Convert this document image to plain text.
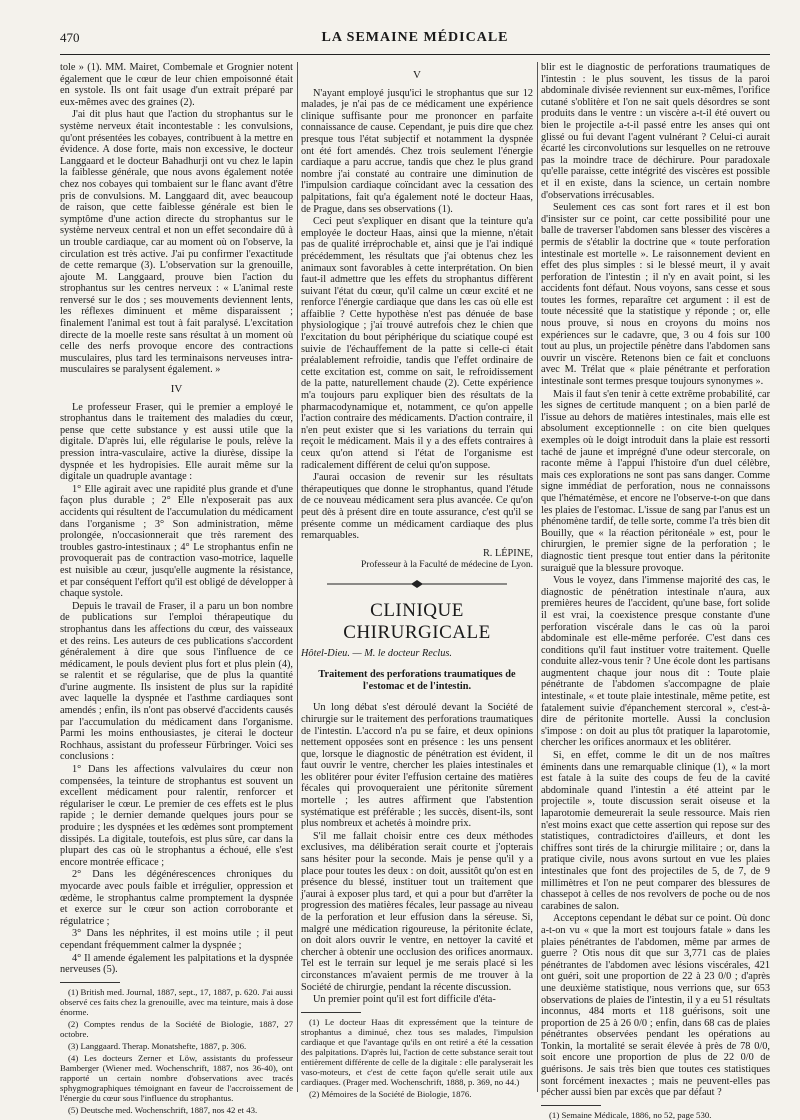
470	LA SEMAINE MÉDICALE

tole » (1). MM. Mairet, Combemale et Grognier notent également que le cœur de leur chien empoisonné était en systole. Ils ont fait usage d'un extrait préparé par eux-mêmes avec des graines (2).

J'ai dit plus haut que l'action du strophantus sur le système nerveux était incontestable : les convulsions, qu'ont présentées les cobayes, contribuent à la mettre en évidence. A dose forte, mais non excessive, le docteur Langgaard et le docteur Bahadhurji ont vu chez le lapin la faiblesse générale, que nous avons également notée chez nos cobayes qui tombaient sur le flanc avant d'être pris de convulsions. M. Langgaard dit, avec beaucoup de raison, que cette faiblesse générale est bien le symptôme d'une action directe du strophantus sur le système nerveux central et non un effet secondaire dû à un trouble cardiaque, car au moment où on l'observe, la circulation est très active. J'ai pu confirmer l'exactitude de cette remarque (3). L'observation sur la grenouille, ajoute M. Langgaard, prouve bien l'action du strophantus sur les centres nerveux : « L'animal reste renversé sur le dos ; ses mouvements deviennent lents, les réflexes diminuent et même disparaissent ; finalement l'animal est tout à fait paralysé. L'excitation directe de la moelle reste sans résultat à un moment où celle des nerfs provoque encore des contractions musculaires, plus tard les terminaisons nerveuses intra-musculaires se paralysent également. »

IV

Le professeur Fraser, qui le premier a employé le strophantus dans le traitement des maladies du cœur, pense que cette substance y est aussi utile que la digitale. D'après lui, elle régularise le pouls, relève la pression intra-vasculaire, active la diurèse, dissipe la dyspnée et les hydropisies. Elle aurait même sur la digitale un quadruple avantage :

1° Elle agirait avec une rapidité plus grande et d'une façon plus durable ; 2° Elle n'exposerait pas aux accidents qui résultent de l'accumulation du médicament dans l'organisme ; 3° Son administration, même prolongée, n'occasionnerait que très rarement des troubles gastro-intestinaux ; 4° Le strophantus enfin ne provoquerait pas de contraction vaso-motrice, laquelle est nuisible au cœur, jusqu'elle augmente la résistance, et par conséquent l'effort qu'il est obligé de développer à chaque systole.

Depuis le travail de Fraser, il a paru un bon nombre de publications sur l'emploi thérapeutique du strophantus dans les affections du cœur, des vaisseaux et des reins. Les auteurs de ces publications s'accordent généralement à dire que sous l'influence de ce médicament, le pouls devient plus fort et plus plein (4), se ralentit et se régularise, que de plus la quantité d'urine augmente. Ils insistent de plus sur la rapidité avec laquelle la dyspnée et l'asthme cardiaques sont amendés ; enfin, ils n'ont pas observé d'accidents causés par l'accumulation du médicament dans l'organisme. Parmi les moins enthousiastes, je citerai le docteur Rochhaus, assistant du professeur Fürbringer. Voici ses conclusions :

1° Dans les affections valvulaires du cœur non compensées, la teinture de strophantus est souvent un excellent médicament pour ralentir, renforcer et régulariser le cœur. Le premier de ces effets est le plus rapide ; le dernier demande quelques jours pour se produire ; les dyspnées et les œdèmes sont promptement dissipés. La digitale, toutefois, est plus sûre, car dans la plupart des cas où le strophantus a échoué, elle s'est encore montrée efficace ;

2° Dans les dégénérescences chroniques du myocarde avec pouls faible et irrégulier, oppression et œdème, le strophantus calme promptement la dyspnée et exerce sur le cœur son action corroborante et régulatrice ;

3° Dans les néphrites, il est moins utile ; il peut cependant fréquemment calmer la dyspnée ;

4° Il amende également les palpitations et la dyspnée nerveuses (5).

(1) British med. Journal, 1887, sept., 17, 1887, p. 620. J'ai aussi observé ces faits chez la grenouille, avec ma teinture, mais à dose énorme.

(2) Comptes rendus de la Société de Biologie, 1887, 27 octobre.

(3) Langgaard. Therap. Monatshefte, 1887, p. 306.

(4) Les docteurs Zerner et Löw, assistants du professeur Bamberger (Wiener med. Wochenschrift, 1887, nos 36-40), ont rapporté un certain nombre d'observations avec tracés sphygmographiques témoignant en faveur de l'accroissement de l'énergie du cœur sous l'influence du strophantus.

(5) Deutsche med. Wochenschrift, 1887, nos 42 et 43.

V

N'ayant employé jusqu'ici le strophantus que sur 12 malades, je n'ai pas de ce médicament une expérience clinique suffisante pour me prononcer en parfaite connaissance de cause. Cependant, je puis dire que chez presque tous l'état subjectif et notamment la dyspnée ont été fort amendés. Chez trois seulement l'énergie cardiaque a paru accrue, tandis que chez le plus grand nombre j'ai constaté au contraire une diminution de l'impulsion cardiaque coïncidant avec la cessation des palpitations, fait qu'a également noté le docteur Haas, de Prague, dans ses observations (1).

Ceci peut s'expliquer en disant que la teinture qu'a employée le docteur Haas, ainsi que la mienne, n'était pas de qualité irréprochable et, ainsi que je l'ai indiqué précédemment, les résultats que j'ai obtenus chez les animaux sont favorables à cette interprétation. On bien faut-il admettre que les effets du strophantus diffèrent suivant l'état du cœur, qu'il calme un cœur excité et ne renforce l'énergie cardiaque que dans les cas où elle est affaiblie ? Cette hypothèse n'est pas dénuée de base physiologique ; j'ai trouvé autrefois chez le chien que l'excitation du bout périphérique du sciatique coupé est suivie de l'échauffement de la patte si celle-ci était préalablement refroidie, tandis que l'effet ordinaire de cette excitation est, comme on sait, le refroidissement de la patte, naturellement chaude (2). Cette expérience m'a toujours paru expliquer bien des résultats de la pharmacodynamique et, notamment, ce qu'on appelle l'action contraire des médicaments. D'action contraire, il n'en peut exister que si les variations du terrain qui reçoit le médicament. Mais il y a des effets contraires à ceux qu'on attend si l'état de l'organisme est radicalement différent de celui qu'on suppose.

J'aurai occasion de revenir sur les résultats thérapeutiques que donne le strophantus, quand l'étude de ce nouveau médicament sera plus avancée. Ce qu'on peut dès à présent dire en toute assurance, c'est qu'il se présente comme un médicament cardiaque des plus remarquables.

R. LÉPINE,

Professeur à la Faculté de médecine de Lyon.

CLINIQUE CHIRURGICALE

Hôtel-Dieu. — M. le docteur Reclus.

Traitement des perforations traumatiques de l'estomac et de l'intestin.

Un long débat s'est déroulé devant la Société de chirurgie sur le traitement des perforations traumatiques de l'intestin. L'accord n'a pu se faire, et deux opinions nettement opposées sont en présence : les uns pensent que, lorsque le diagnostic de pénétration est évident, il faut ouvrir le ventre, chercher les plaies intestinales et les oblitérer pour éviter l'effusion certaine des matières fécales qui provoqueraient une péritonite sûrement mortelle ; les autres affirment que l'abstention systématique est préférable ; les succès, disent-ils, sont plus nombreux et achetés à moindre prix.

S'il me fallait choisir entre ces deux méthodes exclusives, ma délibération serait courte et j'opterais sans hésiter pour la seconde. Mais je pense qu'il y a place pour toutes les deux : on doit, aussitôt qu'on est en présence du blessé, instituer tout un traitement que j'aurai à exposer plus tard, et qui a pour but d'arrêter la progression des matières fécales, leur passage au niveau de la perforation et leur effusion dans la séreuse. Si, malgré une médication rigoureuse, la péritonite éclate, on doit alors ouvrir le ventre, en nettoyer la cavité et chercher à obtenir une occlusion des orifices anormaux. Tel est le terrain sur lequel je me serais placé si les circonstances m'avaient permis de me trouver à la Société de chirurgie, pendant la récente discussion.

Un premier point qu'il est fort difficile d'éta-

(1) Le docteur Haas dit expressément que la teinture de strophantus a diminué, chez tous ses malades, l'impulsion cardiaque et que l'avantage qu'ils en ont retiré a été la cessation des palpitations. D'après lui, l'action de cette substance serait tout entièrement différente de celle de la digitale : elle paralyserait les vaso-moteurs, et c'est de cette façon qu'elle serait utile aux cardiaques. (Prager med. Wochenschrift, 1888, p. 369, no 44.)

(2) Mémoires de la Société de Biologie, 1876.

blir est le diagnostic de perforations traumatiques de l'intestin : le plus souvent, les tissus de la paroi abdominale divisée reviennent sur eux-mêmes, l'orifice cutané s'oblitère et l'on ne sait quels désordres se sont produits dans le ventre : un viscère a-t-il été ouvert ou bien le projectile a-t-il passé entre les anses qui ont glissé ou fui devant l'agent vulnérant ? Celui-ci aurait écarté les circonvolutions sur lesquelles on ne retrouve pas la moindre trace de déchirure. Pour paradoxale qu'elle paraisse, cette intégrité des viscères est possible et il en existe, dans la science, un certain nombre d'observations irrécusables.

Seulement ces cas sont fort rares et il est bon d'insister sur ce point, car cette possibilité pour une balle de traverser l'abdomen sans blesser des viscères a permis de s'établir la doctrine que « toute perforation intestinale est mortelle ». Le raisonnement devient en effet des plus simples : si le blessé meurt, il y avait perforation de l'intestin ; il n'y en avait point, si les accidents font défaut. Nous voyons, sans cesse et sous toutes les formes, reparaître cet argument : il est de toute nécessité que la statistique y réponde ; or, elle nous prouve, si nous en croyons du moins nos expériences sur le cadavre, que, 3 ou 4 fois sur 100 tout au plus, un projectile pénètre dans l'abdomen sans ouvrir un viscère. Retenons bien ce fait et concluons avec M. Trélat que « plaie pénétrante et perforation intestinale sont termes presque toujours synonymes ».

Mais il faut s'en tenir à cette extrême probabilité, car les signes de certitude manquent ; on a bien parlé de l'issue au dehors de matières intestinales, mais elle est absolument exceptionnelle : on cite bien quelques exemples où le doigt introduit dans la plaie est ressorti taché de jaune et imprégné d'une odeur stercorale, on raconte même à l'appui l'histoire d'un duel célèbre, mais ces explorations ne sont pas sans danger. Comme signe immédiat de perforation, nous ne connaissons que l'hématémèse, et encore ne l'observe-t-on que dans les plaies de l'estomac. L'issue de sang par l'anus est un phénomène tardif, de telle sorte, comme l'a très bien dit Bouilly, que « la réaction péritonéale » est, pour le chirurgien, le premier signe de la perforation ; le diagnostic tient presque tout entier dans la péritonite suraiguë que la blessure provoque.

Vous le voyez, dans l'immense majorité des cas, le diagnostic de pénétration intestinale n'aura, aux premières heures de l'accident, qu'une base, fort solide il est vrai, la coexistence presque constante d'une perforation viscérale dans le cas où la paroi abdominale est elle-même perforée. C'est dans ces conditions qu'il faut instituer votre traitement. Quelle conduite allez-vous tenir ? Une école dont les partisans augmentent chaque jour nous dit : Toute plaie pénétrante de l'abdomen s'accompagne de plaie intestinale, « et toute plaie intestinale, même petite, est fatalement suivie d'épanchement stercoral », c'est-à-dire de péritonite mortelle. Aussi la conclusion s'impose : on doit au plus tôt pratiquer la laparotomie, chercher les orifices anormaux et les oblitérer.

Si, en effet, comme le dit un de nos maîtres éminents dans une remarquable clinique (1), « la mort est fatale à la suite des coups de feu de la cavité abdominale quand l'intestin a été atteint par le projectile », toute discussion serait oiseuse et la laparotomie demeurerait la seule ressource. Mais rien n'est moins exact que cette assertion qui repose sur des statistiques, contradictoires d'ailleurs, et dont les chiffres sont tirés de la chirurgie militaire ; or, dans la pratique civile, nous avons surtout en vue les plaies intestinales que font des projectiles de 5, de 7, de 9 millimètres et l'on ne peut comparer des blessures de chassepot à celles de nos revolvers de poche ou de nos carabines de salon.

Acceptons cependant le débat sur ce point. Où donc a-t-on vu « que la mort est toujours fatale » dans les plaies pénétrantes de l'abdomen, même par armes de guerre ? Otis nous dit que sur 3,771 cas de plaies pénétrantes de l'abdomen avec lésions viscérales, 421 ont guéri, soit une proportion de 22 à 23 0/0 ; d'après une deuxième statistique, nous verrions que, sur 653 observations de plaies de l'intestin, il y a eu 51 résultats inconnus, 484 morts et 118 guérisons, soit une proportion de 25 à 26 0/0 ; enfin, dans 68 cas de plaies pénétrantes observées pendant les opérations au Tonkin, la mortalité se serait élevée à près de 78 0/0, soit encore une proportion de plus de 22 0/0 de guérisons. Je sais très bien que toutes ces statistiques sont forcément inexactes ; mais ne peuvent-elles pas pécher aussi bien par excès que par défaut ?

(1) Semaine Médicale, 1886, no 52, page 530.
